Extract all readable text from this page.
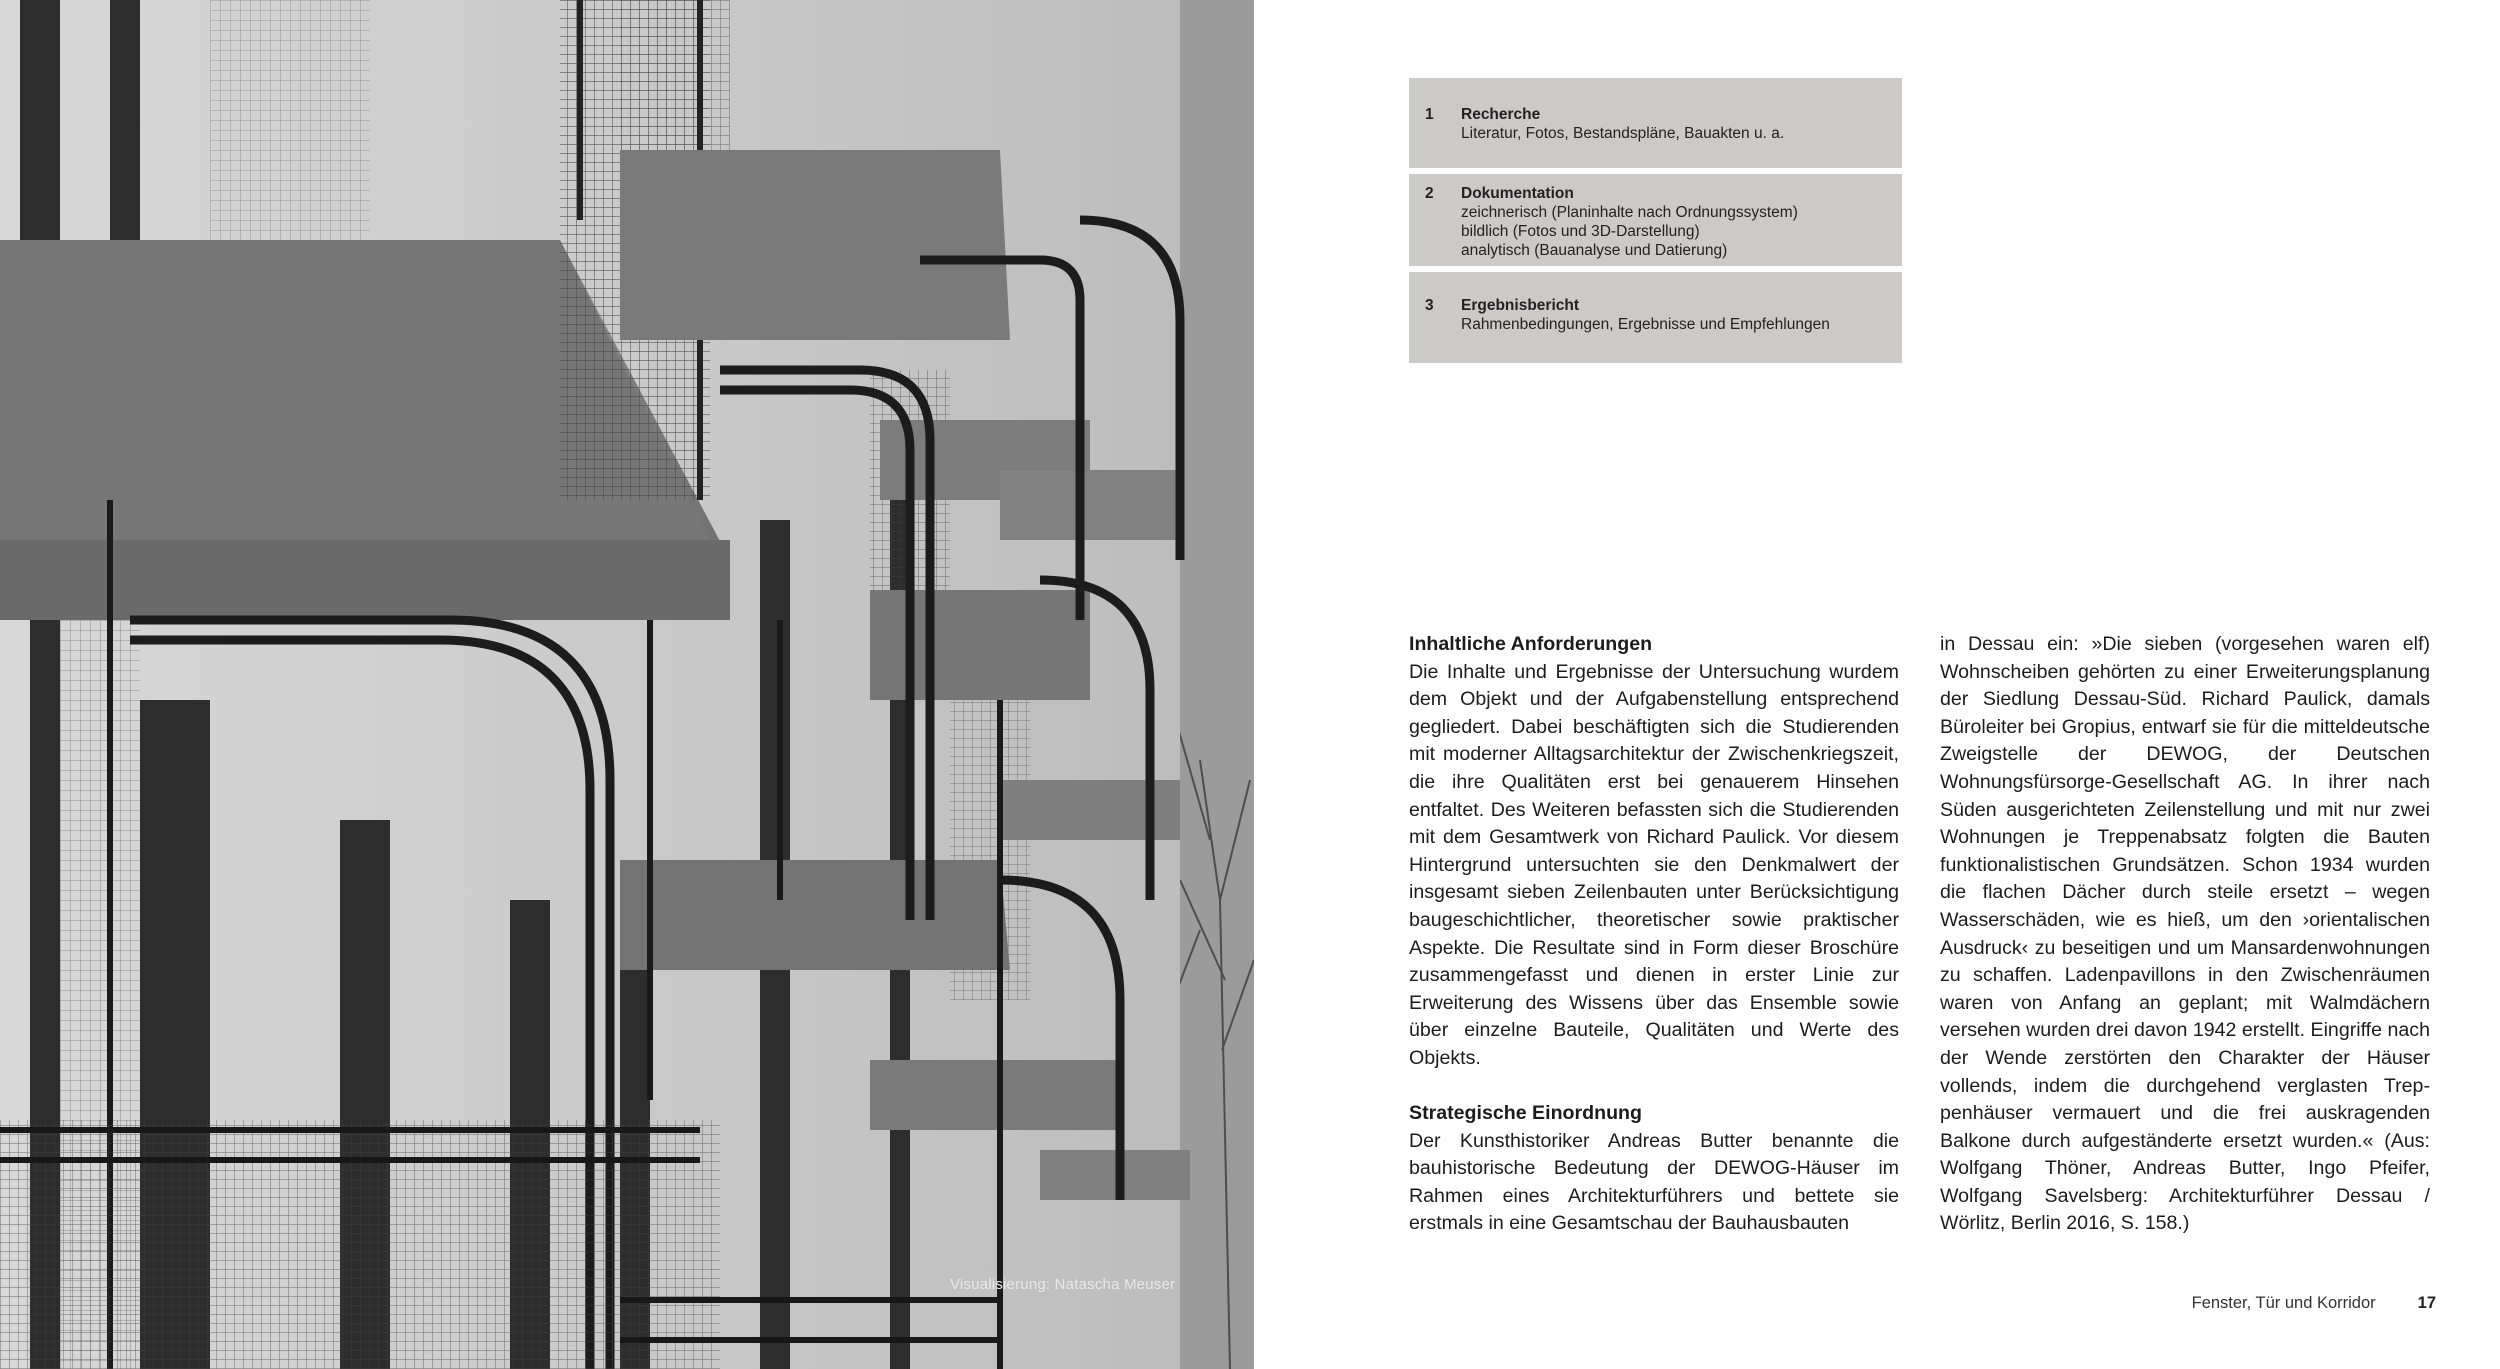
Visualisierung: Natascha Meuser
1	Recherche
Literatur, Fotos, Bestandspläne, Bauakten u. a.
2	Dokumentation
zeichnerisch (Planinhalte nach Ordnungssystem)
bildlich (Fotos und 3D-Darstellung)
analytisch (Bauanalyse und Datierung)
3	Ergebnisbericht
Rahmenbedingungen, Ergebnisse und Empfehlungen
Inhaltliche Anforderungen

Die Inhalte und Ergebnisse der Untersuchung wurdem dem Objekt und der Aufgabenstellung entsprechend gegliedert. Dabei beschäftigten sich die Studierenden mit moderner Alltagsarchitektur der Zwischenkriegszeit, die ihre Qualitäten erst bei genauerem Hinsehen entfaltet. Des Weiteren befassten sich die Studierenden mit dem Gesamtwerk von Richard Paulick. Vor diesem Hintergrund untersuchten sie den Denkmalwert der insgesamt sieben Zeilenbauten unter Berücksichtigung baugeschichtlicher, theoretischer sowie praktischer Aspekte. Die Resultate sind in Form dieser Broschüre zusammengefasst und dienen in erster Linie zur Erweiterung des Wissens über das Ensemble sowie über einzelne Bauteile, Qualitäten und Werte des Objekts.

Strategische Einordnung

Der Kunsthistoriker Andreas Butter benannte die bauhistorische Bedeutung der DEWOG-Häuser im Rahmen eines Architekturführers und bettete sie erstmals in eine Gesamtschau der Bauhausbauten

in Dessau ein: »Die sieben (vorgesehen waren elf) Wohnscheiben gehörten zu einer Erweiterungsplanung der Siedlung Dessau-Süd. Richard Paulick, damals Büroleiter bei Gropius, entwarf sie für die mitteldeutsche Zweigstelle der DEWOG, der Deutschen Wohnungsfürsorge-Gesellschaft AG. In ihrer nach Süden ausgerichteten Zeilenstellung und mit nur zwei Wohnungen je Treppenabsatz folgten die Bauten funktionalistischen Grundsätzen. Schon 1934 wurden die flachen Dächer durch steile ersetzt – wegen Wasserschäden, wie es hieß, um den ›orientalischen Ausdruck‹ zu beseitigen und um Mansardenwohnungen zu schaffen. Ladenpavillons in den Zwischenräumen waren von Anfang an geplant; mit Walmdächern versehen wurden drei davon 1942 erstellt. Eingriffe nach der Wende zerstörten den Charakter der Häuser vollends, indem die durchgehend verglasten Treppenhäuser vermauert und die frei auskragenden Balkone durch aufgeständerte ersetzt wurden.« (Aus: Wolfgang Thöner, Andreas Butter, Ingo Pfeifer, Wolfgang Savelsberg: Architekturführer Dessau / Wörlitz, Berlin 2016, S. 158.)

Fenster, Tür und Korridor	17
